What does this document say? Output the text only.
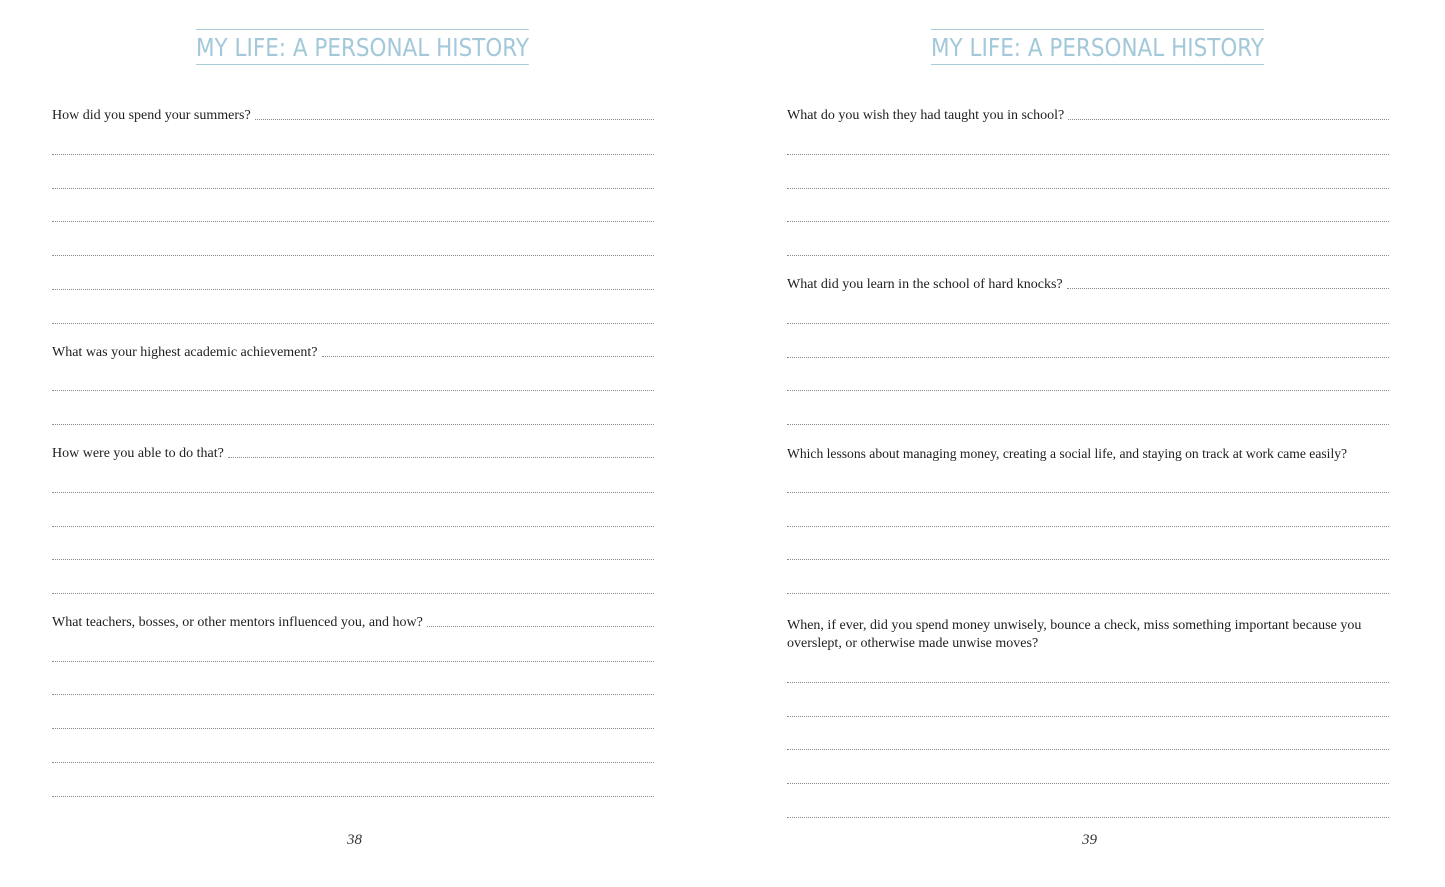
MY LIFE: A PERSONAL HISTORY
How did you spend your summers?
What was your highest academic achievement?
How were you able to do that?
What teachers, bosses, or other mentors influenced you, and how?
38
MY LIFE: A PERSONAL HISTORY
What do you wish they had taught you in school?
What did you learn in the school of hard knocks?
Which lessons about managing money, creating a social life, and staying on track at work came easily?
When, if ever, did you spend money unwisely, bounce a check, miss something important because you overslept, or otherwise made unwise moves?
39
